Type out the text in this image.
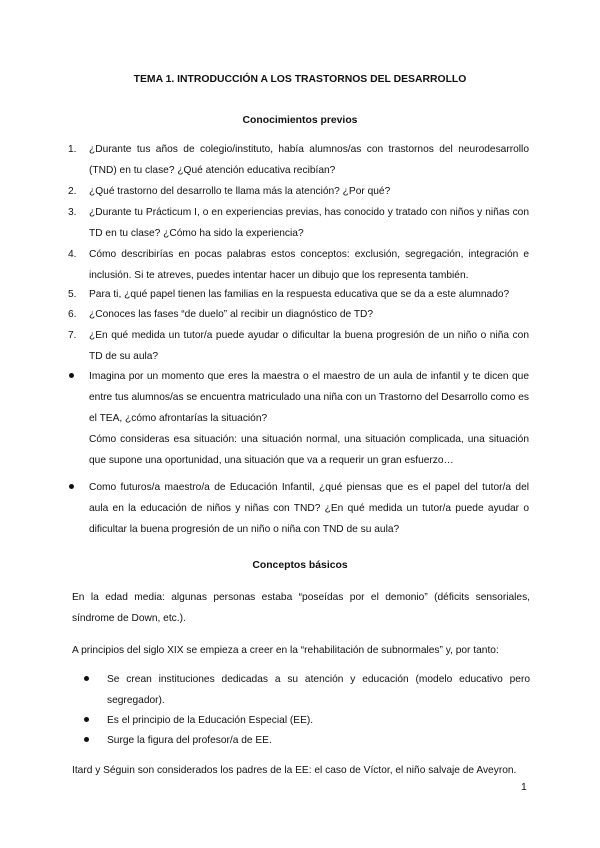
TEMA 1. INTRODUCCIÓN A LOS TRASTORNOS DEL DESARROLLO
Conocimientos previos
1.	¿Durante tus años de colegio/instituto, había alumnos/as con trastornos del neurodesarrollo (TND) en tu clase? ¿Qué atención educativa recibían?
2.	¿Qué trastorno del desarrollo te llama más la atención? ¿Por qué?
3.	¿Durante tu Prácticum I, o en experiencias previas, has conocido y tratado con niños y niñas con TD en tu clase? ¿Cómo ha sido la experiencia?
4.	Cómo describirías en pocas palabras estos conceptos: exclusión, segregación, integración e inclusión. Si te atreves, puedes intentar hacer un dibujo que los representa también.
5.	Para ti, ¿qué papel tienen las familias en la respuesta educativa que se da a este alumnado?
6.	¿Conoces las fases “de duelo” al recibir un diagnóstico de TD?
7.	¿En qué medida un tutor/a puede ayudar o dificultar la buena progresión de un niño o niña con TD de su aula?
Imagina por un momento que eres la maestra o el maestro de un aula de infantil y te dicen que entre tus alumnos/as se encuentra matriculado una niña con un Trastorno del Desarrollo como es el TEA, ¿cómo afrontarías la situación?
Cómo consideras esa situación: una situación normal, una situación complicada, una situación que supone una oportunidad, una situación que va a requerir un gran esfuerzo…
Como futuros/a maestro/a de Educación Infantil, ¿qué piensas que es el papel del tutor/a del aula en la educación de niños y niñas con TND? ¿En qué medida un tutor/a puede ayudar o dificultar la buena progresión de un niño o niña con TND de su aula?
Conceptos básicos
En la edad media: algunas personas estaba “poseídas por el demonio” (déficits sensoriales, síndrome de Down, etc.).
A principios del siglo XIX se empieza a creer en la “rehabilitación de subnormales” y, por tanto:
Se crean instituciones dedicadas a su atención y educación (modelo educativo pero segregador).
Es el principio de la Educación Especial (EE).
Surge la figura del profesor/a de EE.
Itard y Séguin son considerados los padres de la EE: el caso de Víctor, el niño salvaje de Aveyron.
1
